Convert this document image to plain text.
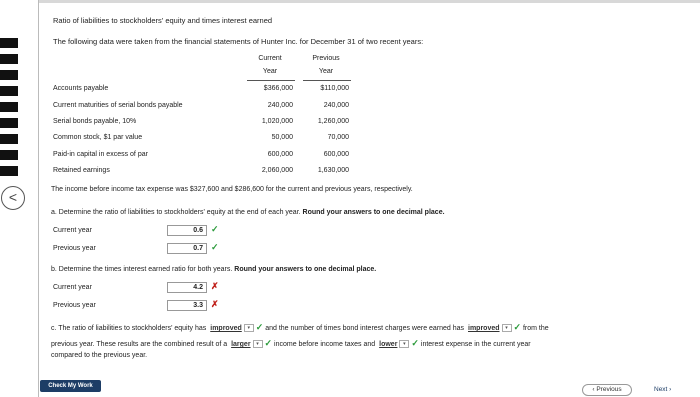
<
Ratio of liabilities to stockholders' equity and times interest earned
The following data were taken from the financial statements of Hunter Inc. for December 31 of two recent years:
Current
Year
Previous
Year
Accounts payable	$366,000	$110,000
Current maturities of serial bonds payable	240,000	240,000
Serial bonds payable, 10%	1,020,000	1,260,000
Common stock, $1 par value	50,000	70,000
Paid-in capital in excess of par	600,000	600,000
Retained earnings	2,060,000	1,630,000
The income before income tax expense was $327,600 and $286,600 for the current and previous years, respectively.
a. Determine the ratio of liabilities to stockholders' equity at the end of each year. Round your answers to one decimal place.
Current year	0.6 ✓
Previous year	0.7 ✓
b. Determine the times interest earned ratio for both years. Round your answers to one decimal place.
Current year	4.2 ✗
Previous year	3.3 ✗
c. The ratio of liabilities to stockholders' equity has improved ▾ ✓ and the number of times bond interest charges were earned has improved ▾ ✓ from the
previous year. These results are the combined result of a larger ▾ ✓ income before income taxes and lower ▾ ✓ interest expense in the current year
compared to the previous year.
Check My Work	‹ Previous	Next ›
